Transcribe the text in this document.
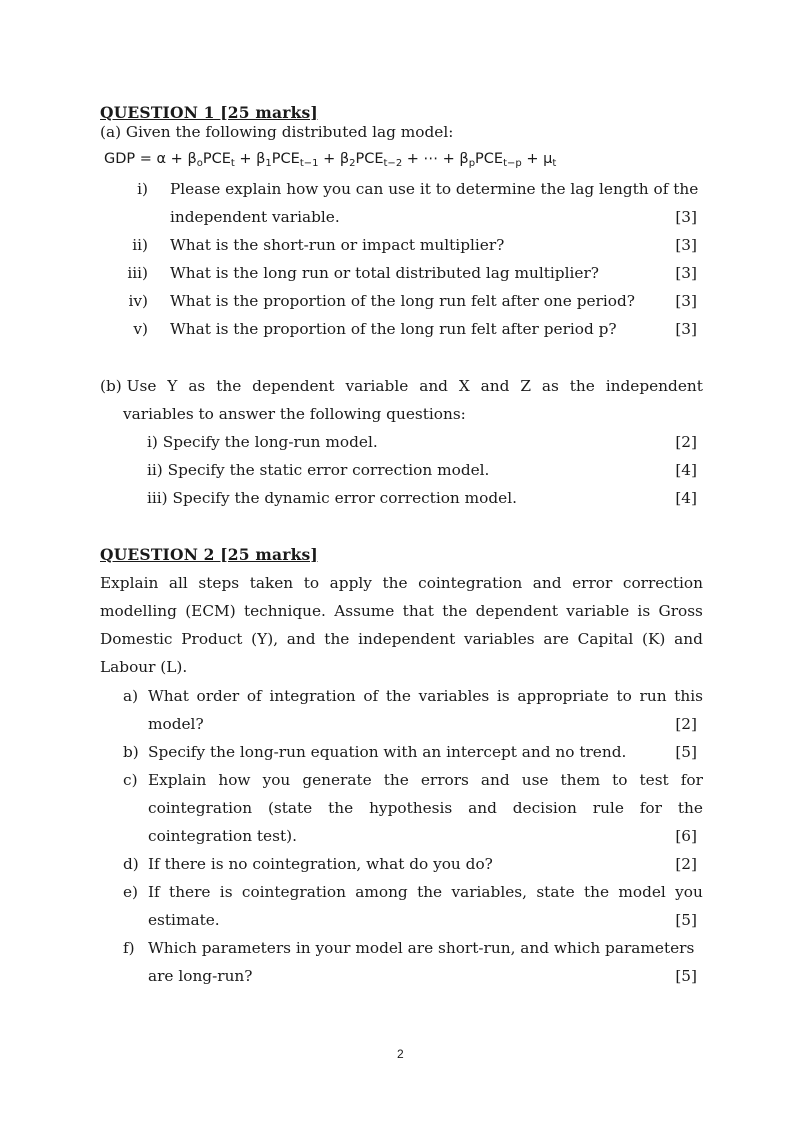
QUESTION 1 [25 marks]
(a) Given the following distributed lag model:
GDP = $\alpha + \beta_oPCE_t + \beta_1PCE_{t-1} + \beta_2PCE_{t-2}$ + ⋯ + $\beta_pPCE_{t-p} + \mu_t$
i) Please explain how you can use it to determine the lag length of the
independent variable.	[3]
ii) What is the short-run or impact multiplier?	[3]
iii) What is the long run or total distributed lag multiplier?	[3]
iv) What is the proportion of the long run felt after one period?	[3]
v) What is the proportion of the long run felt after period p?	[3]
(b) Use Y as the dependent variable and X and Z as the independent
variables to answer the following questions:
i) Specify the long-run model.	[2]
ii) Specify the static error correction model.	[4]
iii) Specify the dynamic error correction model.	[4]
QUESTION 2 [25 marks]
Explain all steps taken to apply the cointegration and error correction
modelling (ECM) technique. Assume that the dependent variable is Gross
Domestic Product (Y), and the independent variables are Capital (K) and
Labour (L).
a) What order of integration of the variables is appropriate to run this
model?	[2]
b) Specify the long-run equation with an intercept and no trend.	[5]
c) Explain how you generate the errors and use them to test for
cointegration (state the hypothesis and decision rule for the
cointegration test).	[6]
d) If there is no cointegration, what do you do?	[2]
e) If there is cointegration among the variables, state the model you
estimate.	[5]
f) Which parameters in your model are short-run, and which parameters
are long-run?	[5]
2
